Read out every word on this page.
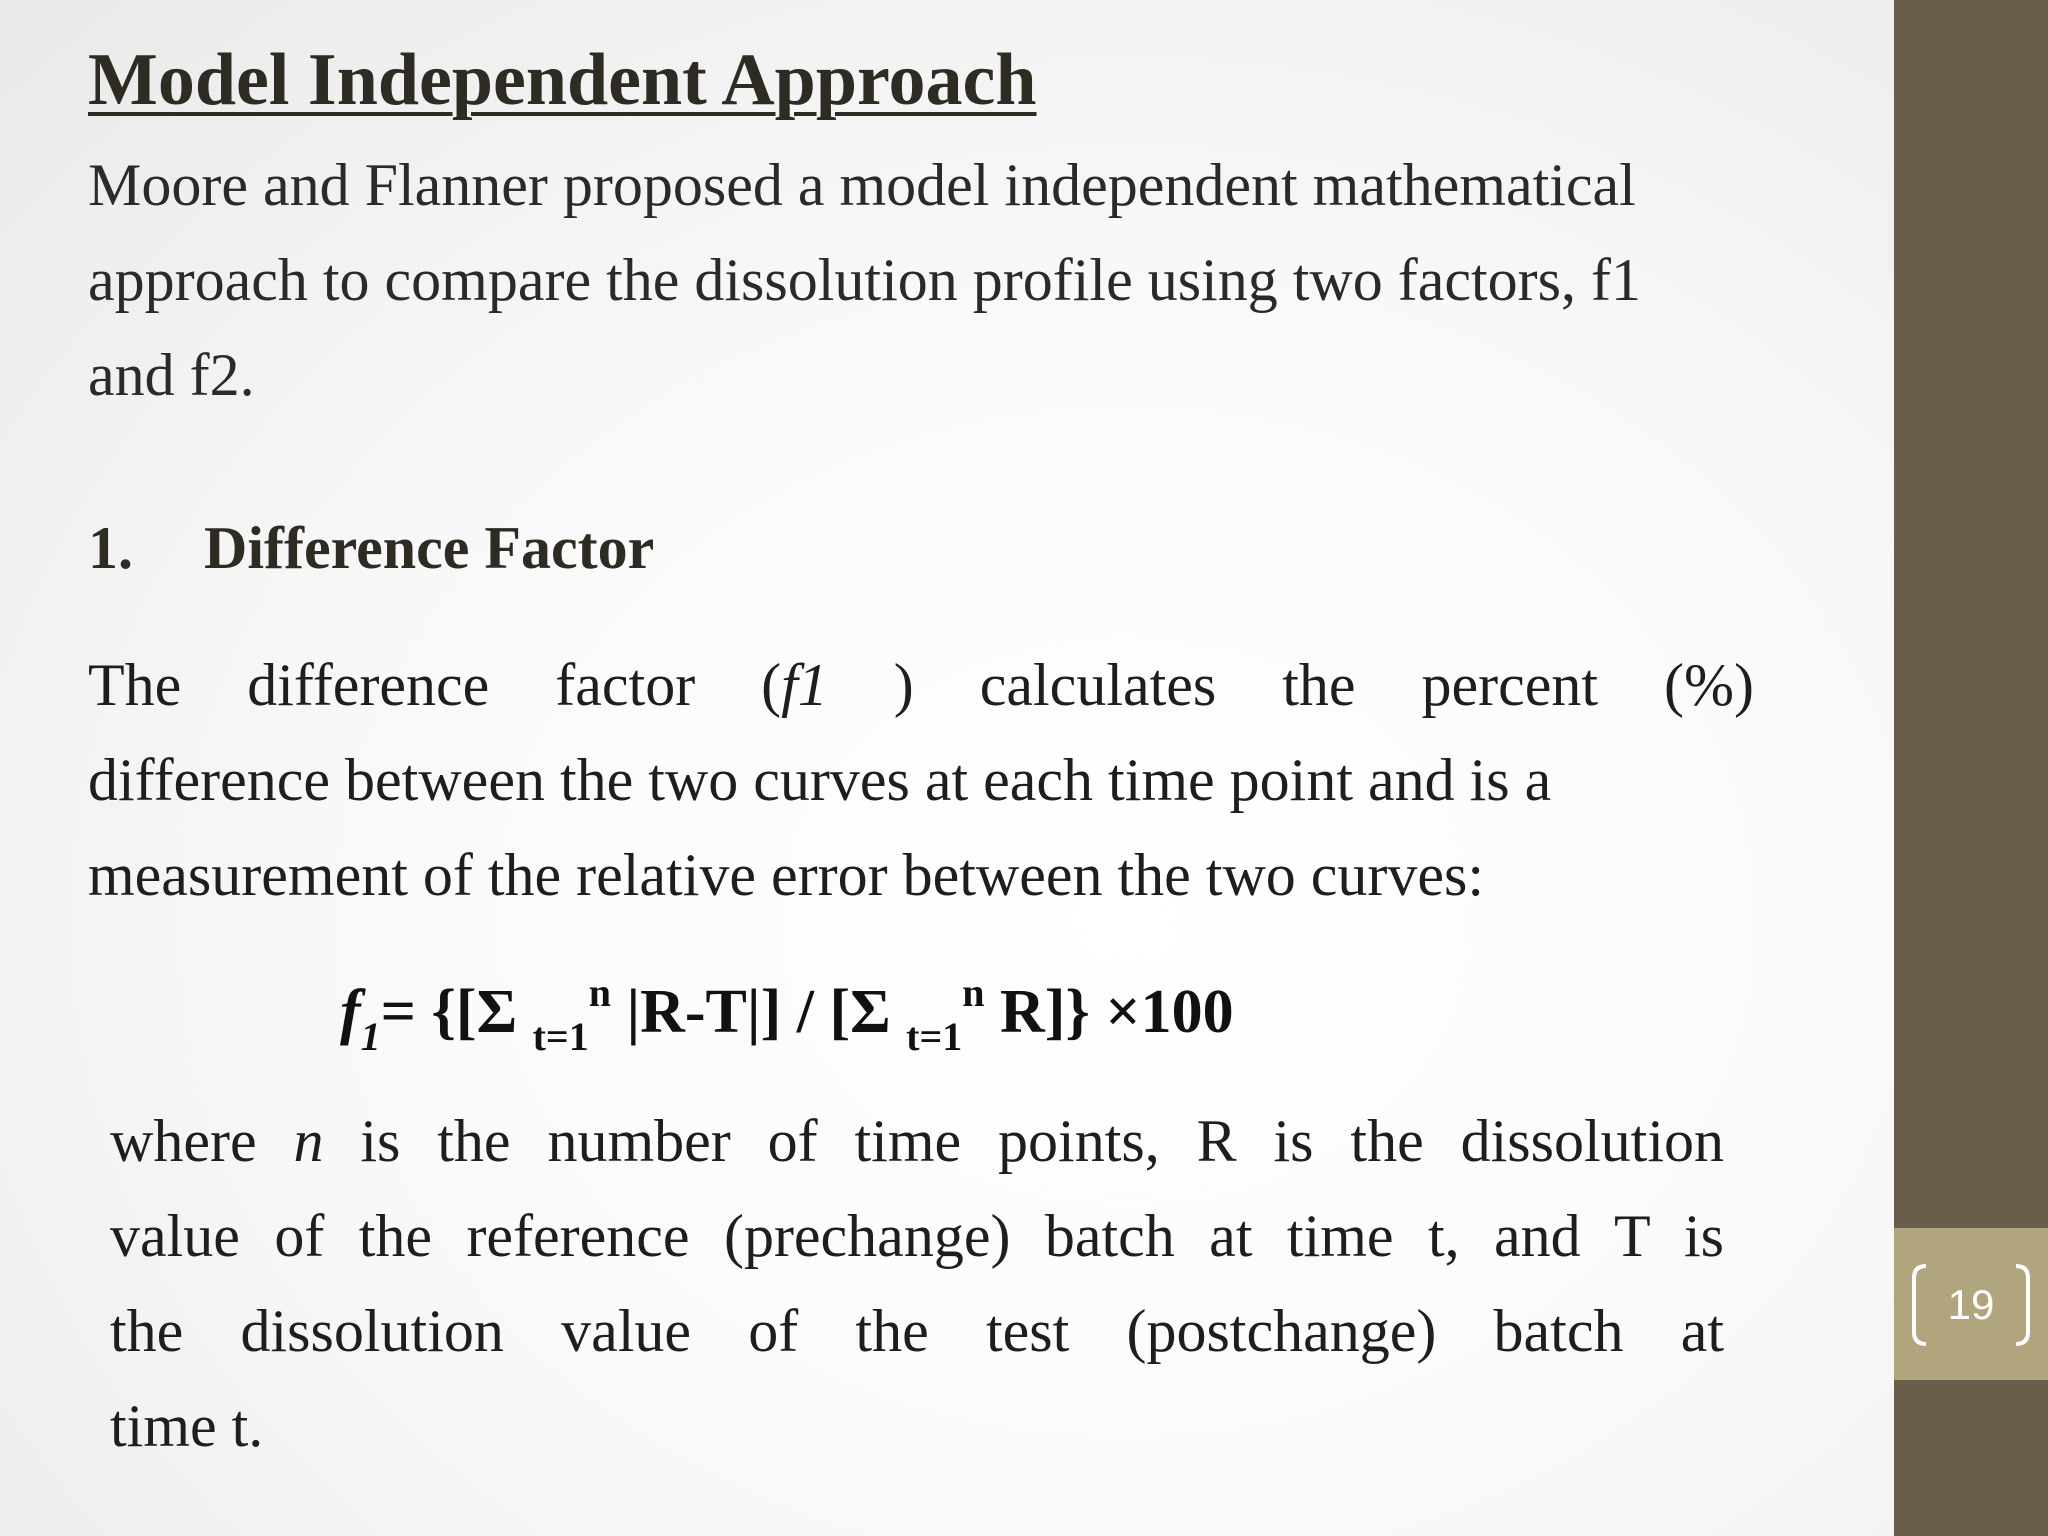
19
Model Independent Approach

Moore and Flanner proposed a model independent mathematical
approach to compare the dissolution profile using two factors, f1
and f2.

1. Difference Factor

The difference factor (f1 ) calculates the percent (%)
difference between the two curves at each time point and is a
measurement of the relative error between the two curves:

$f_1= \{[\Sigma$ $_{t=1}^n$ |R-T|] / [Σ $_{t=1}^n$ R]} ×100

where n is the number of time points, R is the dissolution
value of the reference (prechange) batch at time t, and T is
the dissolution value of the test (postchange) batch at
time t.
